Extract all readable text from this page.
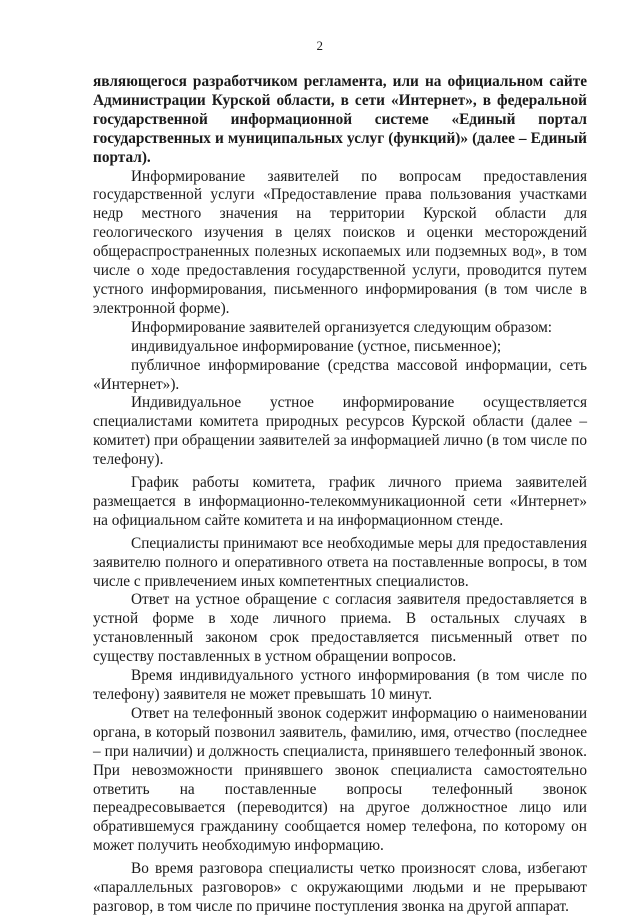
2

являющегося разработчиком регламента, или на официальном сайте Администрации Курской области, в сети «Интернет», в федеральной государственной информационной системе «Единый портал государственных и муниципальных услуг (функций)» (далее – Единый портал).

Информирование заявителей по вопросам предоставления государственной услуги «Предоставление права пользования участками недр местного значения на территории Курской области для геологического изучения в целях поисков и оценки месторождений общераспространенных полезных ископаемых или подземных вод», в том числе о ходе предоставления государственной услуги, проводится путем устного информирования, письменного информирования (в том числе в электронной форме).

Информирование заявителей организуется следующим образом:

индивидуальное информирование (устное, письменное);

публичное информирование (средства массовой информации, сеть «Интернет»).

Индивидуальное устное информирование осуществляется специалистами комитета природных ресурсов Курской области (далее – комитет) при обращении заявителей за информацией лично (в том числе по телефону).

График работы комитета, график личного приема заявителей размещается в информационно-телекоммуникационной сети «Интернет» на официальном сайте комитета и на информационном стенде.

Специалисты принимают все необходимые меры для предоставления заявителю полного и оперативного ответа на поставленные вопросы, в том числе с привлечением иных компетентных специалистов.

Ответ на устное обращение с согласия заявителя предоставляется в устной форме в ходе личного приема. В остальных случаях в установленный законом срок предоставляется письменный ответ по существу поставленных в устном обращении вопросов.

Время индивидуального устного информирования (в том числе по телефону) заявителя не может превышать 10 минут.

Ответ на телефонный звонок содержит информацию о наименовании органа, в который позвонил заявитель, фамилию, имя, отчество (последнее – при наличии) и должность специалиста, принявшего телефонный звонок. При невозможности принявшего звонок специалиста самостоятельно ответить на поставленные вопросы телефонный звонок переадресовывается (переводится) на другое должностное лицо или обратившемуся гражданину сообщается номер телефона, по которому он может получить необходимую информацию.

Во время разговора специалисты четко произносят слова, избегают «параллельных разговоров» с окружающими людьми и не прерывают разговор, в том числе по причине поступления звонка на другой аппарат.
